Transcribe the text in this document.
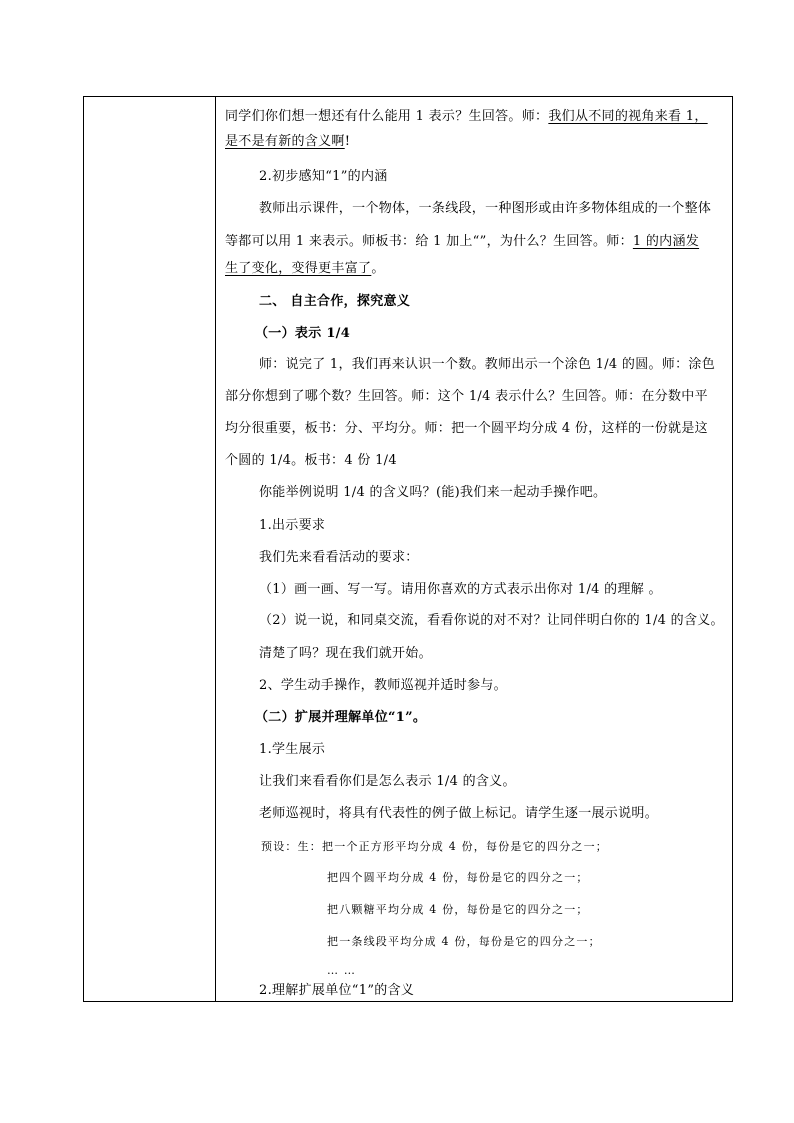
同学们你们想一想还有什么能用 1 表示？生回答。师：我们从不同的视角来看 1，
是不是有新的含义啊!
2.初步感知“1”的内涵
教师出示课件，一个物体，一条线段，一种图形或由许多物体组成的一个整体
等都可以用 1 来表示。师板书：给 1 加上“”，为什么？生回答。师：1 的内涵发
生了变化，变得更丰富了。
二、 自主合作，探究意义
（一）表示 1/4
师：说完了 1，我们再来认识一个数。教师出示一个涂色 1/4 的圆。师：涂色
部分你想到了哪个数？生回答。师：这个 1/4 表示什么？生回答。师：在分数中平
均分很重要，板书：分、平均分。师：把一个圆平均分成 4 份，这样的一份就是这
个圆的 1/4。板书：4 份 1/4
你能举例说明 1/4 的含义吗？(能)我们来一起动手操作吧。
1.出示要求
我们先来看看活动的要求：
（1）画一画、写一写。请用你喜欢的方式表示出你对 1/4 的理解 。
（2）说一说，和同桌交流，看看你说的对不对？让同伴明白你的 1/4 的含义。
清楚了吗？现在我们就开始。
2、学生动手操作，教师巡视并适时参与。
（二）扩展并理解单位“1”。
1.学生展示
让我们来看看你们是怎么表示 1/4 的含义。
老师巡视时，将具有代表性的例子做上标记。请学生逐一展示说明。
预设：生：把一个正方形平均分成 4 份，每份是它的四分之一；
把四个圆平均分成 4 份，每份是它的四分之一；
把八颗糖平均分成 4 份，每份是它的四分之一；
把一条线段平均分成 4 份，每份是它的四分之一；
… …
2.理解扩展单位“1”的含义
